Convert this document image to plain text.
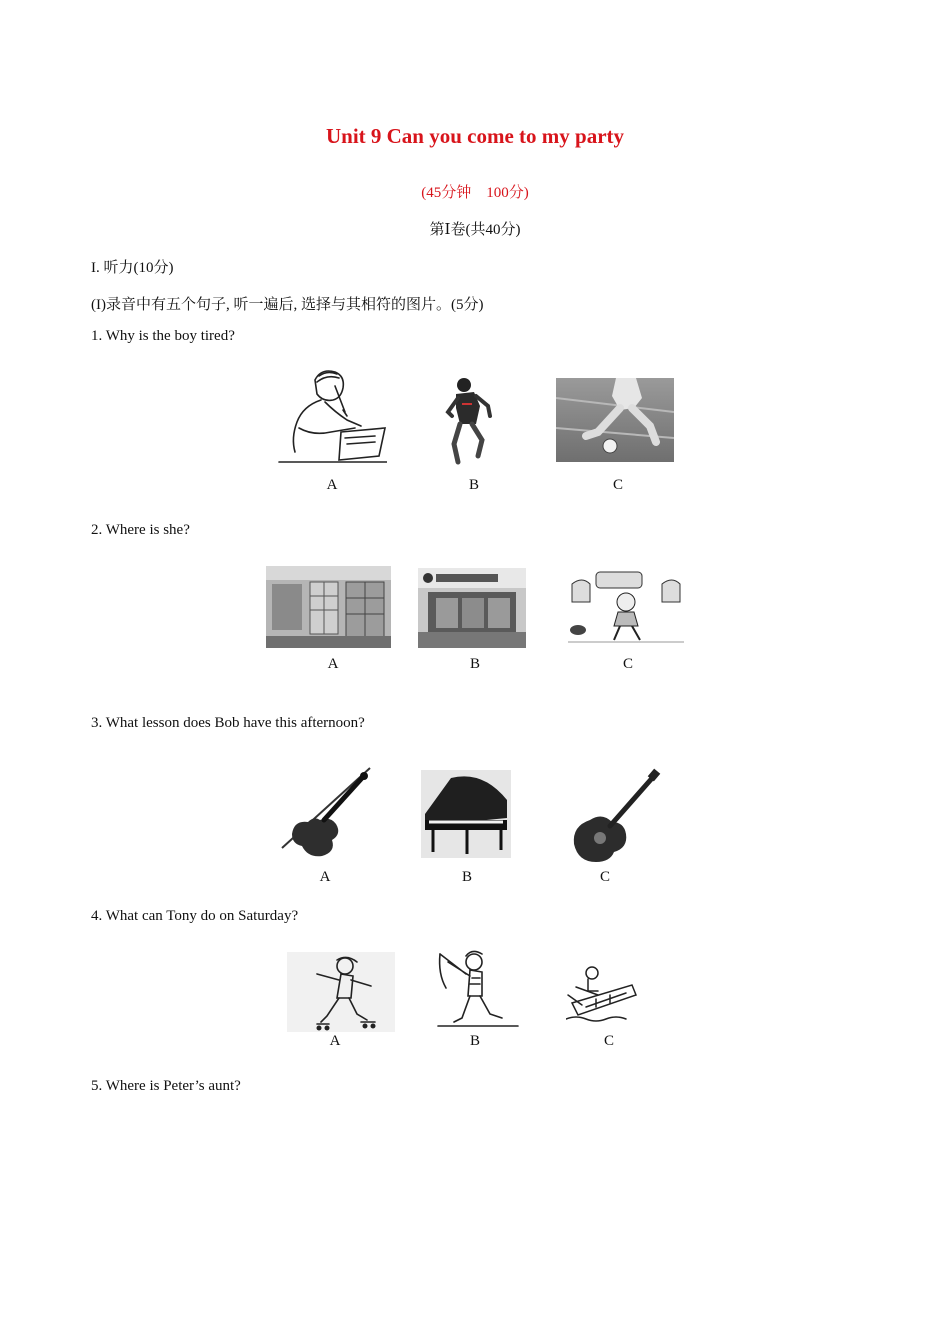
Unit 9 Can you come to my party
(45分钟　100分)
第Ⅰ卷(共40分)
I. 听力(10分)
(I)录音中有五个句子, 听一遍后, 选择与其相符的图片。(5分)
1. Why is the boy tired?
A	B	C
2. Where is she?
A	B	C
3. What lesson does Bob have this afternoon?
A	B	C
4. What can Tony do on Saturday?
A	B	C
5. Where is Peter’s aunt?
